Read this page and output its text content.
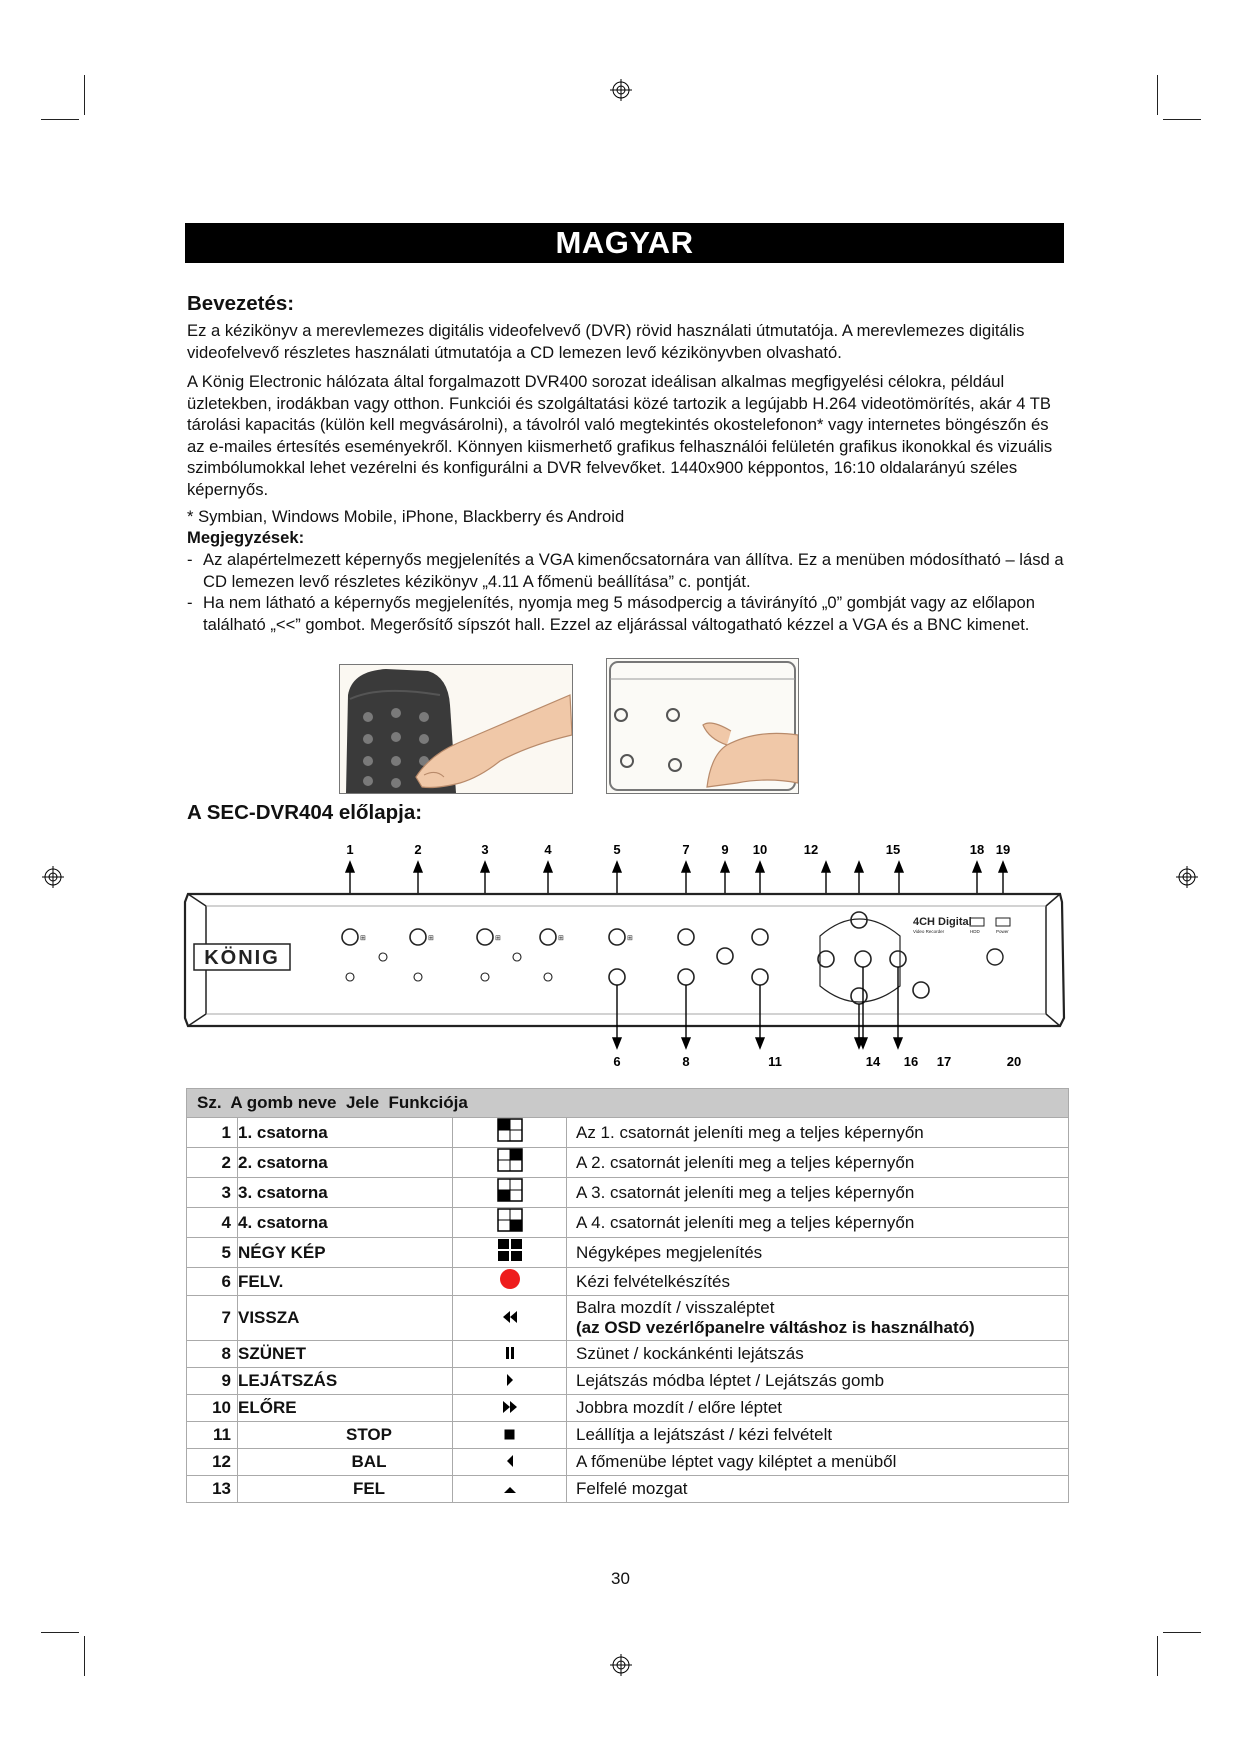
MAGYAR
Bevezetés:

Ez a kézikönyv a merevlemezes digitális videofelvevő (DVR) rövid használati útmutatója. A merevlemezes digitális videofelvevő részletes használati útmutatója a CD lemezen levő kézikönyvben olvasható.

A König Electronic hálózata által forgalmazott DVR400 sorozat ideálisan alkalmas megfigyelési célokra, például üzletekben, irodákban vagy otthon. Funkciói és szolgáltatási közé tartozik a legújabb H.264 videotömörítés, akár 4 TB tárolási kapacitás (külön kell megvásárolni), a távolról való megtekintés okostelefonon* vagy internetes böngészőn és az e-mailes értesítés eseményekről. Könnyen kiismerhető grafikus felhasználói felületén grafikus ikonokkal és vizuális szimbólumokkal lehet vezérelni és konfigurálni a DVR felvevőket. 1440x900 képpontos, 16:10 oldalarányú széles képernyős.

* Symbian, Windows Mobile, iPhone, Blackberry és Android

Megjegyzések:

- Az alapértelmezett képernyős megjelenítés a VGA kimenőcsatornára van állítva. Ez a menüben módosítható – lásd a CD lemezen levő részletes kézikönyv „4.11 A főmenü beállítása” c. pontját.
- Ha nem látható a képernyős megjelenítés, nyomja meg 5 másodpercig a távirányító „0” gombját vagy az előlapon található „<<” gombot. Megerősítő sípszót hall. Ezzel az eljárással váltogatható kézzel a VGA és a BNC kimenet.
A SEC-DVR404 előlapja:
1	2	3	4	5	7 9 10	12	15	18 19
KÖNIG
⊞	⊞	⊞	⊞	⊞
4CH Digital
Video Recorder	HDD	Power
6	8	11	14 16 17	20
Sz. A gomb neve Jele Funkciója			
1	1. csatorna		Az 1. csatornát jeleníti meg a teljes képernyőn
2	2. csatorna		A 2. csatornát jeleníti meg a teljes képernyőn
3	3. csatorna		A 3. csatornát jeleníti meg a teljes képernyőn
4	4. csatorna		A 4. csatornát jeleníti meg a teljes képernyőn
5	NÉGY KÉP		Négyképes megjelenítés
6	FELV.		Kézi felvételkészítés
7	VISSZA		Balra mozdít / visszaléptet
(az OSD vezérlőpanelre váltáshoz is használható)

8	SZÜNET		Szünet / kockánkénti lejátszás
9	LEJÁTSZÁS		Lejátszás módba léptet / Lejátszás gomb
10	ELŐRE		Jobbra mozdít / előre léptet
11	STOP		Leállítja a lejátszást / kézi felvételt
12	BAL		A főmenübe léptet vagy kiléptet a menüből
13	FEL		Felfelé mozgat
30
